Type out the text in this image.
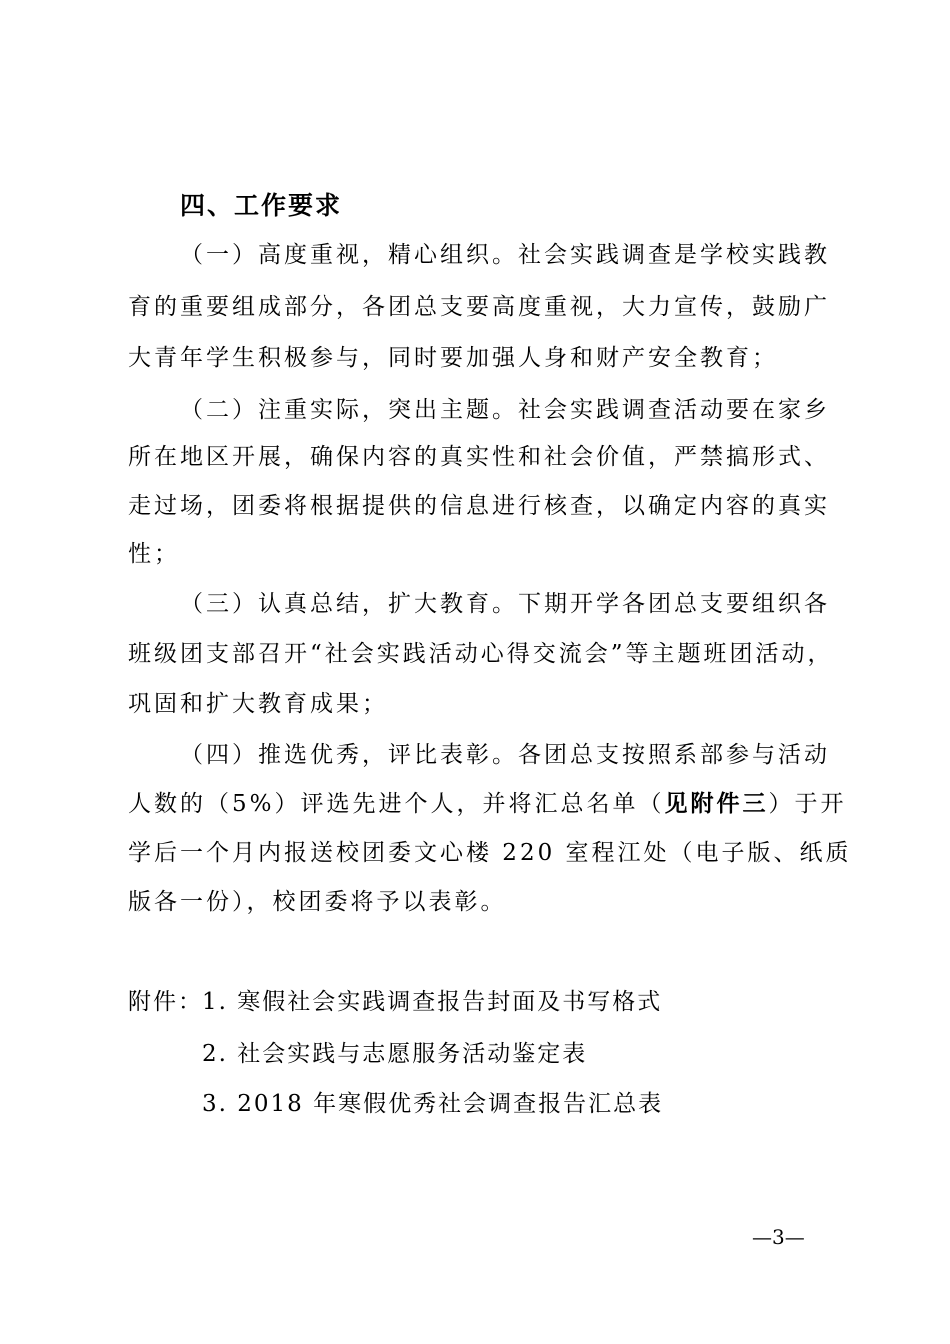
四、工作要求
（一）高度重视，精心组织。社会实践调查是学校实践教
育的重要组成部分，各团总支要高度重视，大力宣传，鼓励广
大青年学生积极参与，同时要加强人身和财产安全教育；
（二）注重实际，突出主题。社会实践调查活动要在家乡
所在地区开展，确保内容的真实性和社会价值，严禁搞形式、
走过场，团委将根据提供的信息进行核查，以确定内容的真实
性；
（三）认真总结，扩大教育。下期开学各团总支要组织各
班级团支部召开“社会实践活动心得交流会”等主题班团活动，
巩固和扩大教育成果；
（四）推选优秀，评比表彰。各团总支按照系部参与活动
人数的（5%）评选先进个人，并将汇总名单（见附件三）于开
学后一个月内报送校团委文心楼 220 室程江处（电子版、纸质
版各一份），校团委将予以表彰。
附件： 1. 寒假社会实践调查报告封面及书写格式
2. 社会实践与志愿服务活动鉴定表
3. 2018 年寒假优秀社会调查报告汇总表
—3—
